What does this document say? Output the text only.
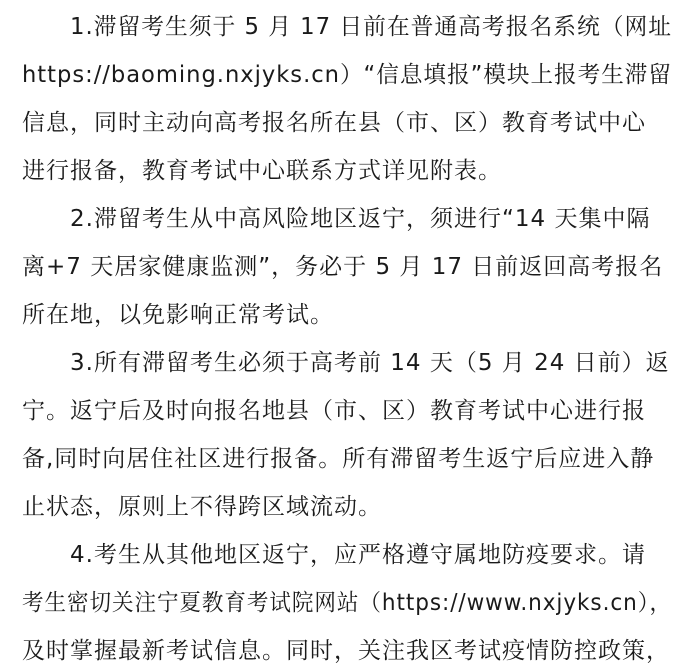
1.滞留考生须于 5 月 17 日前在普通高考报名系统（网址
https://baoming.nxjyks.cn）“信息填报”模块上报考生滞留
信息，同时主动向高考报名所在县（市、区）教育考试中心
进行报备，教育考试中心联系方式详见附表。
2.滞留考生从中高风险地区返宁，须进行“14 天集中隔
离+7 天居家健康监测”，务必于 5 月 17 日前返回高考报名
所在地，以免影响正常考试。
3.所有滞留考生必须于高考前 14 天（5 月 24 日前）返
宁。返宁后及时向报名地县（市、区）教育考试中心进行报
备,同时向居住社区进行报备。所有滞留考生返宁后应进入静
止状态，原则上不得跨区域流动。
4.考生从其他地区返宁，应严格遵守属地防疫要求。请
考生密切关注宁夏教育考试院网站（https://www.nxjyks.cn），
及时掌握最新考试信息。同时，关注我区考试疫情防控政策，
